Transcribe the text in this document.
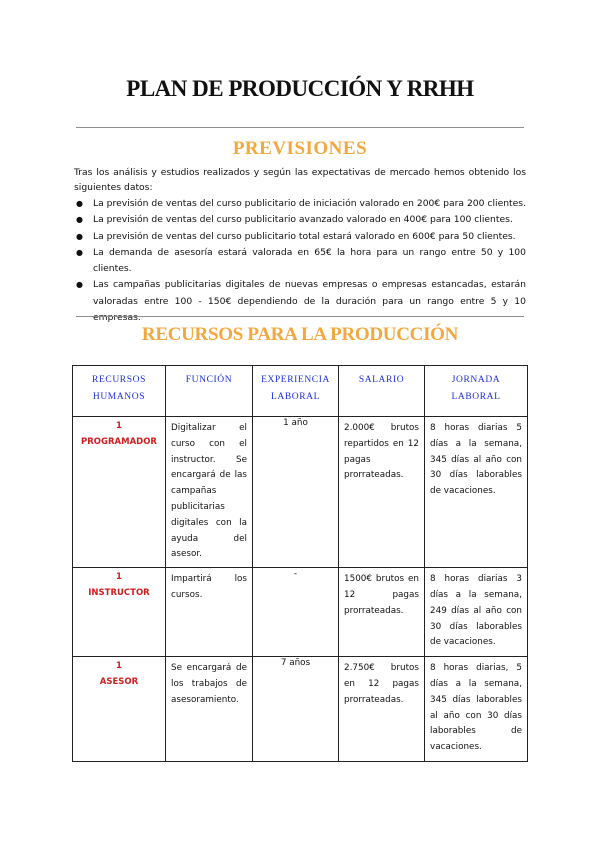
PLAN DE PRODUCCIÓN Y RRHH
PREVISIONES
Tras los análisis y estudios realizados y según las expectativas de mercado hemos obtenido los siguientes datos:
● La previsión de ventas del curso publicitario de iniciación valorado en 200€ para 200 clientes.
● La previsión de ventas del curso publicitario avanzado valorado en 400€ para 100 clientes.
● La previsión de ventas del curso publicitario total estará valorado en 600€ para 50 clientes.
● La demanda de asesoría estará valorada en 65€ la hora para un rango entre 50 y 100 clientes.
● Las campañas publicitarias digitales de nuevas empresas o empresas estancadas, estarán valoradas entre 100 - 150€ dependiendo de la duración para un rango entre 5 y 10 empresas.
RECURSOS PARA LA PRODUCCIÓN
RECURSOS HUMANOS	FUNCIÓN	EXPERIENCIA LABORAL	SALARIO	JORNADA LABORAL

1
PROGRAMADOR	Digitalizar el curso con el instructor. Se encargará de las campañas publicitarias digitales con la ayuda del asesor.	1 año	2.000€ brutos repartidos en 12 pagas prorrateadas.	8 horas diarias 5 días a la semana, 345 días al año con 30 días laborables de vacaciones.

1
INSTRUCTOR	Impartirá los cursos.	-	1500€ brutos en 12 pagas prorrateadas.	8 horas diarias 3 días a la semana, 249 días al año con 30 días laborables de vacaciones.

1
ASESOR	Se encargará de los trabajos de asesoramiento.	7 años	2.750€ brutos en 12 pagas prorrateadas.	8 horas diarias, 5 días a la semana, 345 días laborables al año con 30 días laborables de vacaciones.
